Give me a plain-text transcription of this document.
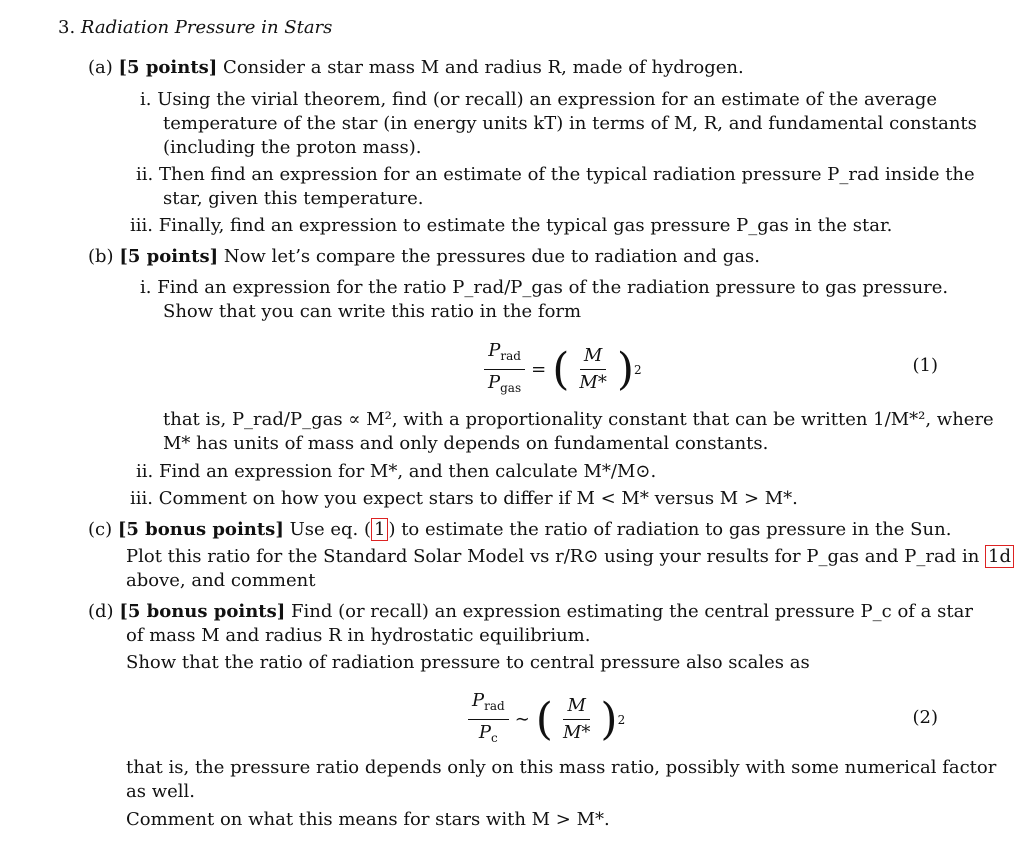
3. Radiation Pressure in Stars
(a) [5 points] Consider a star mass M and radius R, made of hydrogen.
i. Using the virial theorem, find (or recall) an expression for an estimate of the average
temperature of the star (in energy units kT) in terms of M, R, and fundamental constants
(including the proton mass).
ii. Then find an expression for an estimate of the typical radiation pressure P_rad inside the
star, given this temperature.
iii. Finally, find an expression to estimate the typical gas pressure P_gas in the star.
(b) [5 points] Now let’s compare the pressures due to radiation and gas.
i. Find an expression for the ratio P_rad/P_gas of the radiation pressure to gas pressure.
Show that you can write this ratio in the form
$\frac{P_{rad}}{P_{gas}}$ = ( $\frac{M}{M*}$ ) 2	(1)
that is, P_rad/P_gas ∝ M², with a proportionality constant that can be written 1/M*², where
M* has units of mass and only depends on fundamental constants.
ii. Find an expression for M*, and then calculate M*/M⊙.
iii. Comment on how you expect stars to differ if M < M* versus M > M*.
(c) [5 bonus points] Use eq. ( 1 ) to estimate the ratio of radiation to gas pressure in the Sun.
Plot this ratio for the Standard Solar Model vs r/R⊙ using your results for P_gas and P_rad in 1d
above, and comment
(d) [5 bonus points] Find (or recall) an expression estimating the central pressure P_c of a star
of mass M and radius R in hydrostatic equilibrium.
Show that the ratio of radiation pressure to central pressure also scales as
$\frac{P_{rad}}{P_c}$ ∼ ( $\frac{M}{M*}$ ) 2	(2)
that is, the pressure ratio depends only on this mass ratio, possibly with some numerical factor
as well.
Comment on what this means for stars with M > M*.
